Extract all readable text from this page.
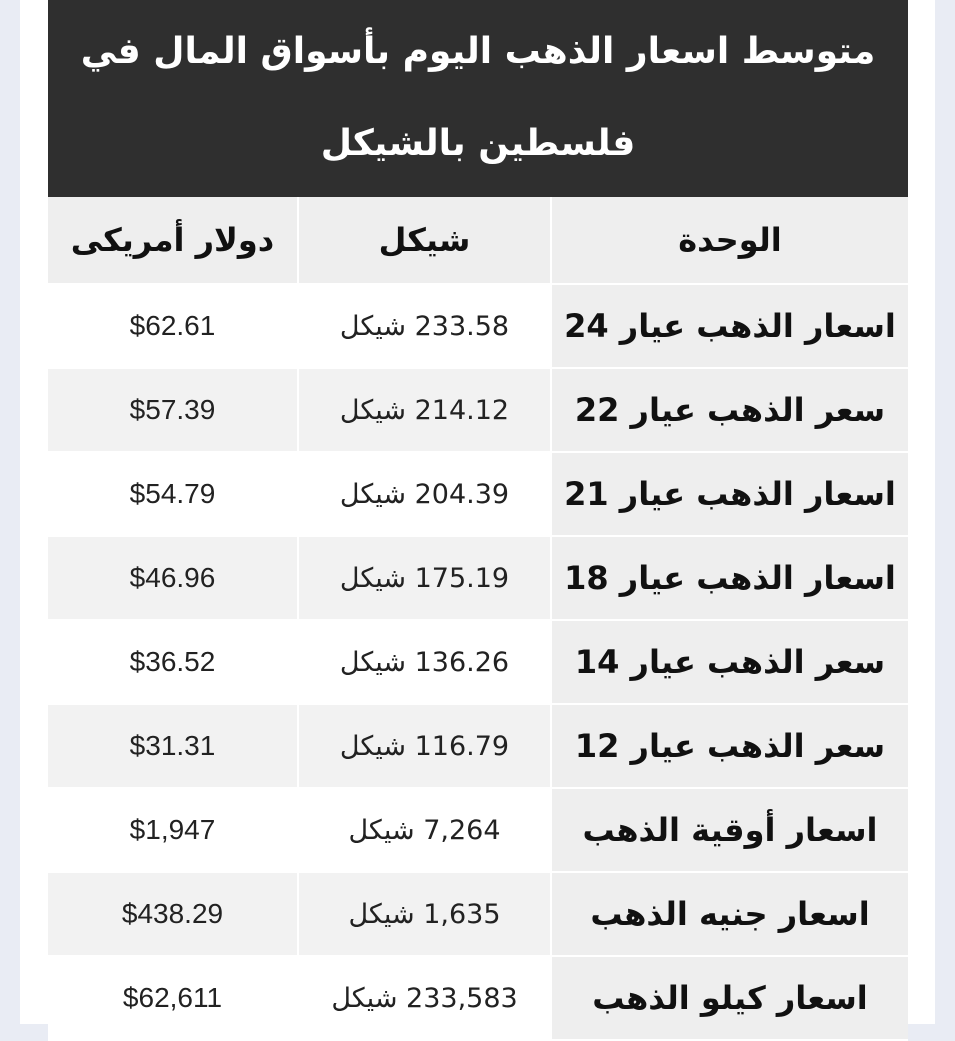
متوسط اسعار الذهب اليوم بأسواق المال في فلسطين بالشيكل
الوحدة	شيكل	دولار أمريكى
اسعار الذهب عيار 24	233.58 شيكل	$62.61
سعر الذهب عيار 22	214.12 شيكل	$57.39
اسعار الذهب عيار 21	204.39 شيكل	$54.79
اسعار الذهب عيار 18	175.19 شيكل	$46.96
سعر الذهب عيار 14	136.26 شيكل	$36.52
سعر الذهب عيار 12	116.79 شيكل	$31.31
اسعار أوقية الذهب	7,264 شيكل	$1,947
اسعار جنيه الذهب	1,635 شيكل	$438.29
اسعار كيلو الذهب	233,583 شيكل	$62,611
